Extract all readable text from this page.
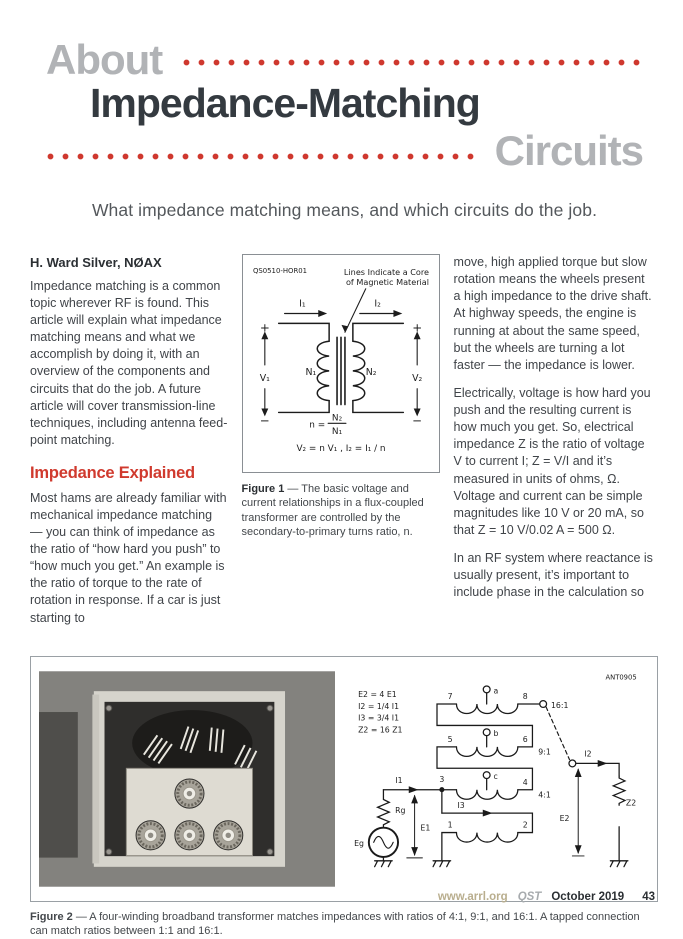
About
Impedance-Matching
Circuits
What impedance matching means, and which circuits do the job.
H. Ward Silver, NØAX

Impedance matching is a common topic wherever RF is found. This article will explain what impedance matching means and what we accomplish by doing it, with an overview of the components and circuits that do the job. A future article will cover transmission-line techniques, including antenna feed-point matching.

Impedance Explained

Most hams are already familiar with mechanical impedance matching — you can think of impedance as the ratio of “how hard you push” to “how much you get.” An example is the ratio of torque to the rate of rotation in response. If a car is just starting to

QS0510-HOR01	Lines Indicate a Core
of Magnetic Material
I₁	I₂
+	+
−	−
V₁	V₂
N₁	N₂
n =
N₂
N₁
V₂ = n V₁ , I₂ = I₁ / n

Figure 1 — The basic voltage and current relationships in a flux-coupled transformer are controlled by the secondary-to-primary turns ratio, n.

move, high applied torque but slow rotation means the wheels present a high impedance to the drive shaft. At highway speeds, the engine is running at about the same speed, but the wheels are turning a lot faster — the impedance is lower.

Electrically, voltage is how hard you push and the resulting current is how much you get. So, electrical impedance Z is the ratio of voltage V to current I; Z = V/I and it’s measured in units of ohms, Ω. Voltage and current can be simple magnitudes like 10 V or 20 mA, so that Z = 10 V/0.02 A = 500 Ω.

In an RF system where reactance is usually present, it’s important to include phase in the calculation so

ANT0905
E2 = 4 E1
I2 = 1/4 I1
I3 = 3/4 I1
Z2 = 16 Z1
7	8
5	6
3	4
1	2
a
b
c
16:1
9:1
4:1
I1
I3
I2
Rg
Eg
E1
E2
Z2

Figure 2 — A four-winding broadband transformer matches impedances with ratios of 4:1, 9:1, and 16:1. A tapped connection can match ratios between 1:1 and 16:1.

www.arrl.org QST October 2019 43
